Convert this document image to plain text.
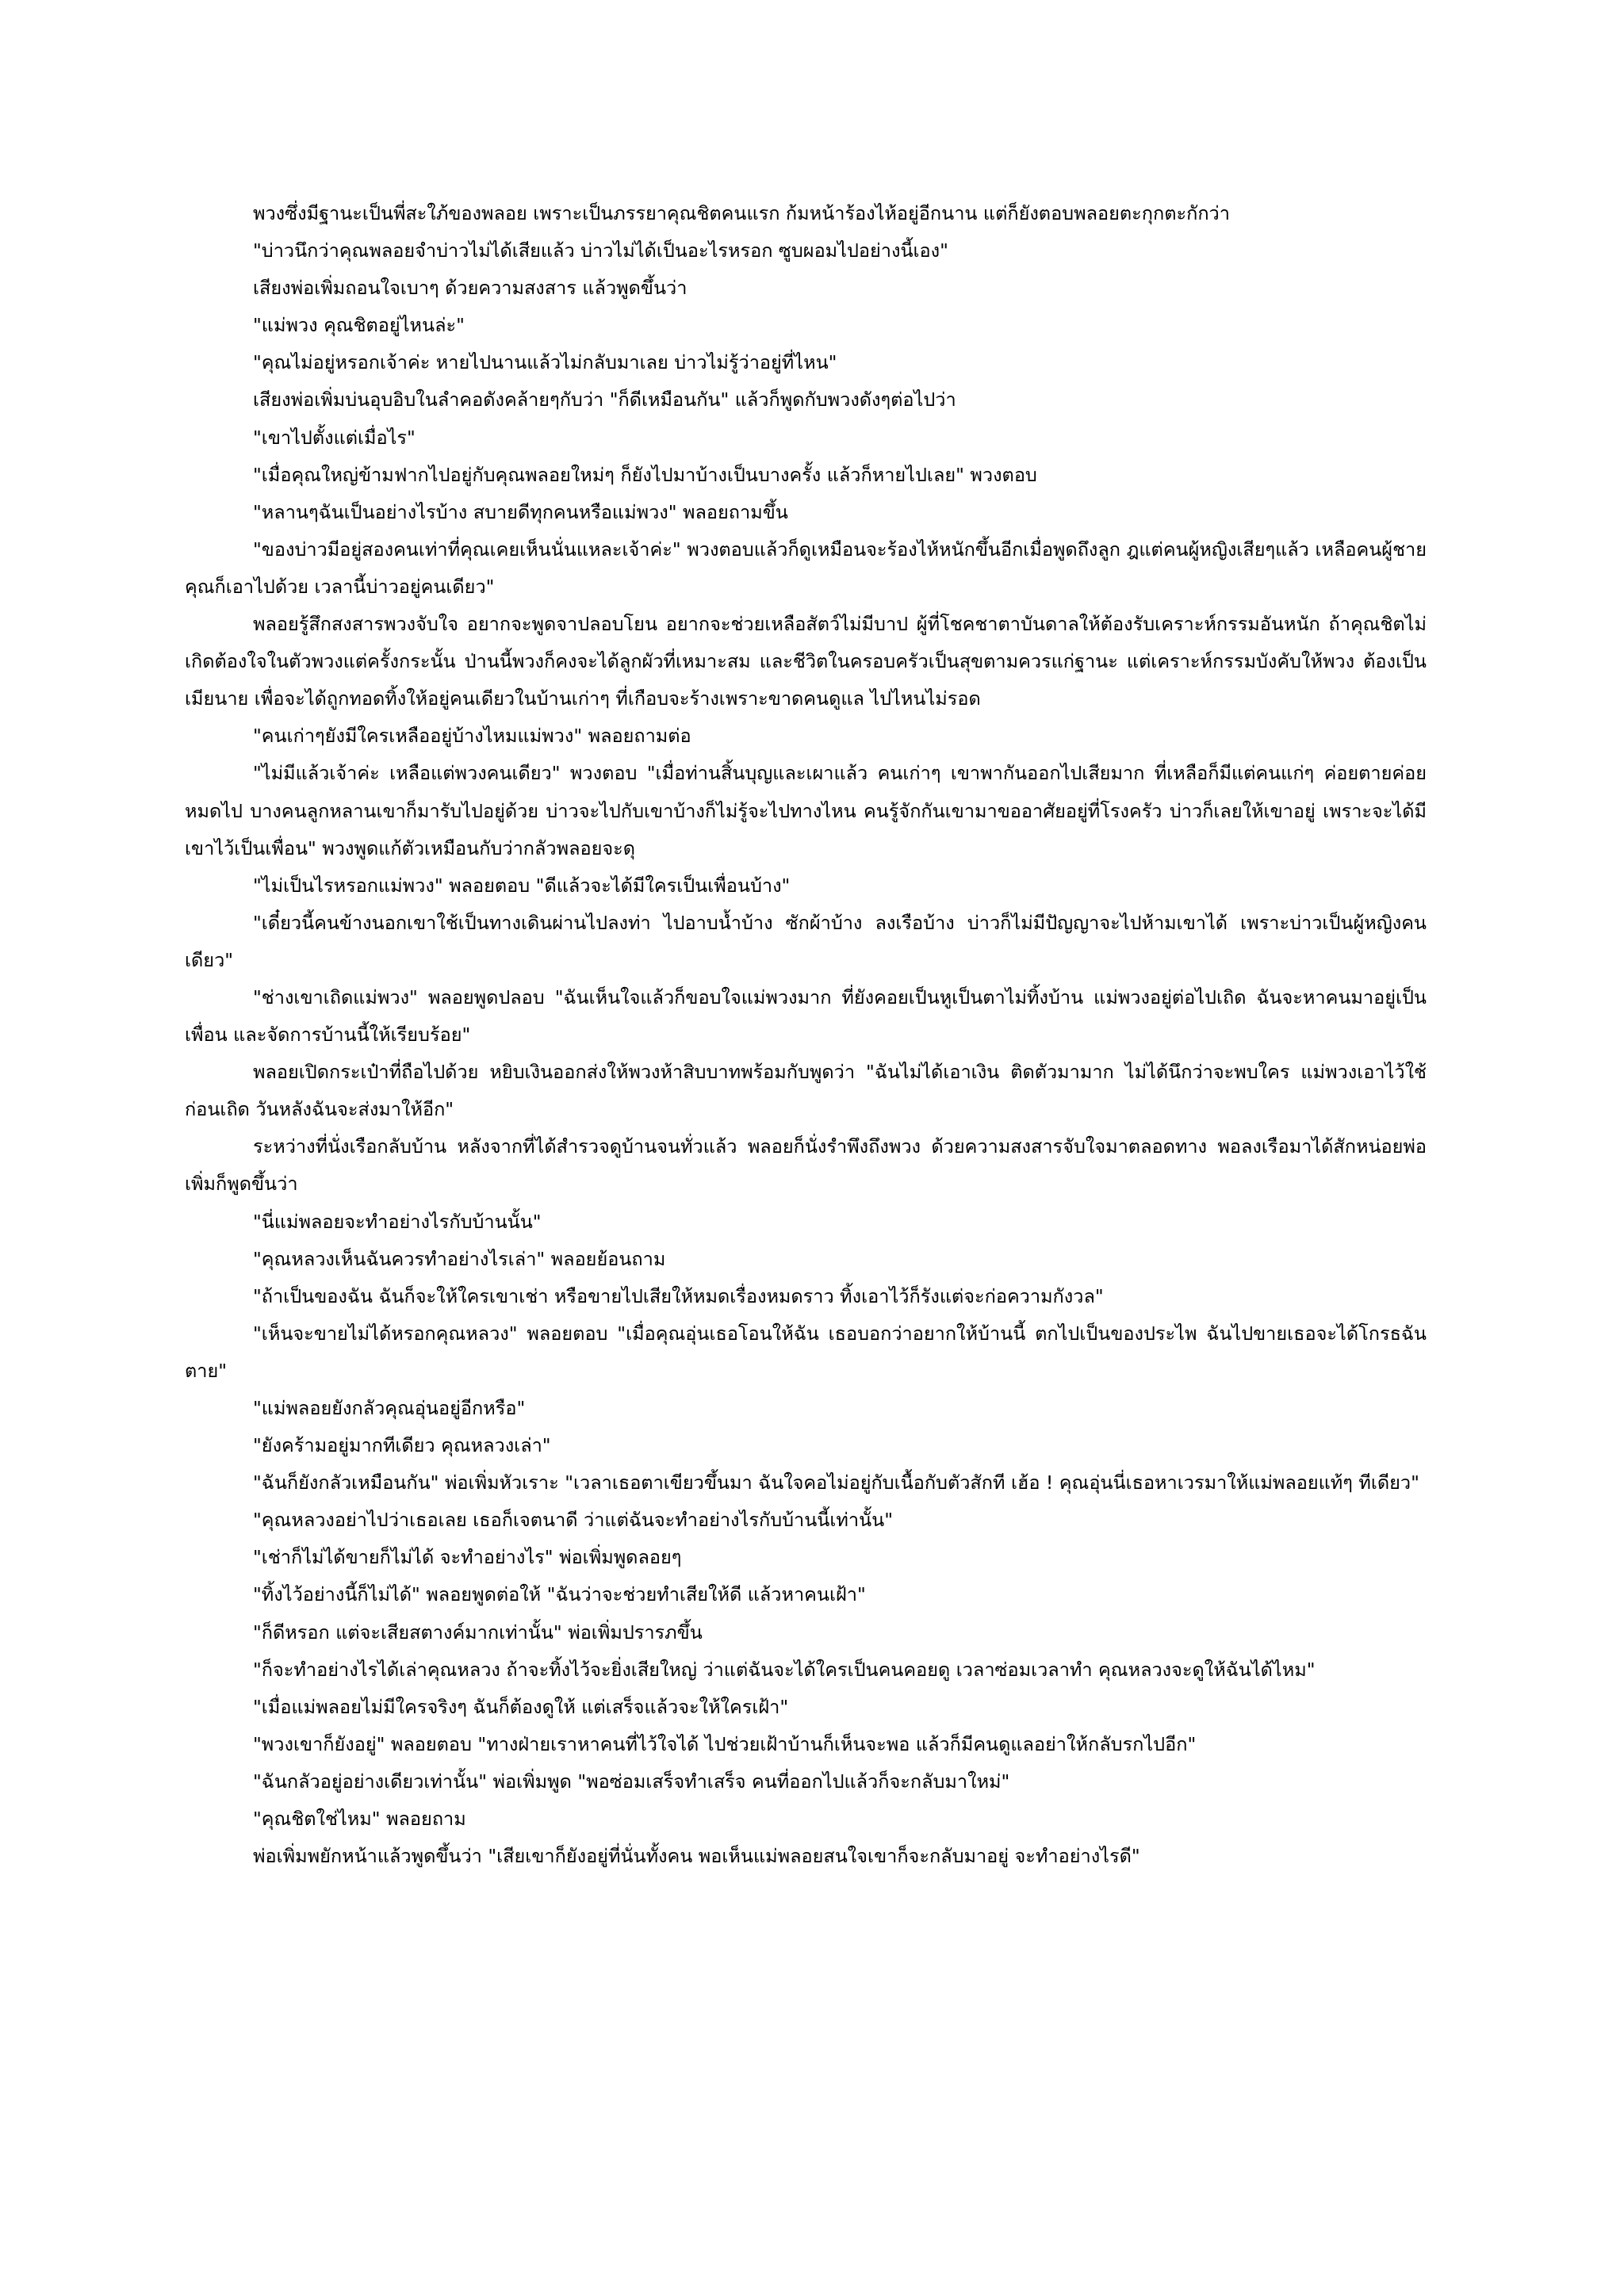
พวงซึ่งมีฐานะเป็นพี่สะใภ้ของพลอย เพราะเป็นภรรยาคุณชิตคนแรก ก้มหน้าร้องไห้อยู่อีกนาน แต่ก็ยังตอบพลอยตะกุกตะกักว่า

"บ่าวนึกว่าคุณพลอยจำบ่าวไม่ได้เสียแล้ว บ่าวไม่ได้เป็นอะไรหรอก ซูบผอมไปอย่างนี้เอง"

เสียงพ่อเพิ่มถอนใจเบาๆ ด้วยความสงสาร แล้วพูดขึ้นว่า

"แม่พวง คุณชิตอยู่ไหนล่ะ"

"คุณไม่อยู่หรอกเจ้าค่ะ หายไปนานแล้วไม่กลับมาเลย บ่าวไม่รู้ว่าอยู่ที่ไหน"

เสียงพ่อเพิ่มบ่นอุบอิบในลำคอดังคล้ายๆกับว่า "ก็ดีเหมือนกัน" แล้วก็พูดกับพวงดังๆต่อไปว่า

"เขาไปตั้งแต่เมื่อไร"

"เมื่อคุณใหญ่ข้ามฟากไปอยู่กับคุณพลอยใหม่ๆ ก็ยังไปมาบ้างเป็นบางครั้ง แล้วก็หายไปเลย" พวงตอบ

"หลานๆฉันเป็นอย่างไรบ้าง สบายดีทุกคนหรือแม่พวง" พลอยถามขึ้น

"ของบ่าวมีอยู่สองคนเท่าที่คุณเคยเห็นนั่นแหละเจ้าค่ะ" พวงตอบแล้วก็ดูเหมือนจะร้องไห้หนักขึ้นอีกเมื่อพูดถึงลูก ฎแต่คนผู้หญิงเสียๆแล้ว เหลือคนผู้ชายคุณก็เอาไปด้วย เวลานี้บ่าวอยู่คนเดียว"

พลอยรู้สึกสงสารพวงจับใจ อยากจะพูดจาปลอบโยน อยากจะช่วยเหลือสัตว์ไม่มีบาป ผู้ที่โชคชาตาบันดาลให้ต้องรับเคราะห์กรรมอันหนัก ถ้าคุณชิตไม่เกิดต้องใจในตัวพวงแต่ครั้งกระนั้น ป่านนี้พวงก็คงจะได้ลูกผัวที่เหมาะสม และชีวิตในครอบครัวเป็นสุขตามควรแก่ฐานะ แต่เคราะห์กรรมบังคับให้พวง ต้องเป็นเมียนาย เพื่อจะได้ถูกทอดทิ้งให้อยู่คนเดียวในบ้านเก่าๆ ที่เกือบจะร้างเพราะขาดคนดูแล ไปไหนไม่รอด

"คนเก่าๆยังมีใครเหลืออยู่บ้างไหมแม่พวง" พลอยถามต่อ

"ไม่มีแล้วเจ้าค่ะ เหลือแต่พวงคนเดียว" พวงตอบ "เมื่อท่านสิ้นบุญและเผาแล้ว คนเก่าๆ เขาพากันออกไปเสียมาก ที่เหลือก็มีแต่คนแก่ๆ ค่อยตายค่อยหมดไป บางคนลูกหลานเขาก็มารับไปอยู่ด้วย บ่าวจะไปกับเขาบ้างก็ไม่รู้จะไปทางไหน คนรู้จักกันเขามาขออาศัยอยู่ที่โรงครัว บ่าวก็เลยให้เขาอยู่ เพราะจะได้มีเขาไว้เป็นเพื่อน" พวงพูดแก้ตัวเหมือนกับว่ากลัวพลอยจะดุ

"ไม่เป็นไรหรอกแม่พวง" พลอยตอบ "ดีแล้วจะได้มีใครเป็นเพื่อนบ้าง"

"เดี๋ยวนี้คนข้างนอกเขาใช้เป็นทางเดินผ่านไปลงท่า ไปอาบน้ำบ้าง ซักผ้าบ้าง ลงเรือบ้าง บ่าวก็ไม่มีปัญญาจะไปห้ามเขาได้ เพราะบ่าวเป็นผู้หญิงคนเดียว"

"ช่างเขาเถิดแม่พวง" พลอยพูดปลอบ "ฉันเห็นใจแล้วก็ขอบใจแม่พวงมาก ที่ยังคอยเป็นหูเป็นตาไม่ทิ้งบ้าน แม่พวงอยู่ต่อไปเถิด ฉันจะหาคนมาอยู่เป็นเพื่อน และจัดการบ้านนี้ให้เรียบร้อย"

พลอยเปิดกระเป๋าที่ถือไปด้วย หยิบเงินออกส่งให้พวงห้าสิบบาทพร้อมกับพูดว่า "ฉันไม่ได้เอาเงิน ติดตัวมามาก ไม่ได้นึกว่าจะพบใคร แม่พวงเอาไว้ใช้ก่อนเถิด วันหลังฉันจะส่งมาให้อีก"

ระหว่างที่นั่งเรือกลับบ้าน หลังจากที่ได้สำรวจดูบ้านจนทั่วแล้ว พลอยก็นั่งรำพึงถึงพวง ด้วยความสงสารจับใจมาตลอดทาง พอลงเรือมาได้สักหน่อยพ่อเพิ่มก็พูดขึ้นว่า

"นี่แม่พลอยจะทำอย่างไรกับบ้านนั้น"

"คุณหลวงเห็นฉันควรทำอย่างไรเล่า" พลอยย้อนถาม

"ถ้าเป็นของฉัน ฉันก็จะให้ใครเขาเช่า หรือขายไปเสียให้หมดเรื่องหมดราว ทิ้งเอาไว้ก็รังแต่จะก่อความกังวล"

"เห็นจะขายไม่ได้หรอกคุณหลวง" พลอยตอบ "เมื่อคุณอุ่นเธอโอนให้ฉัน เธอบอกว่าอยากให้บ้านนี้ ตกไปเป็นของประไพ ฉันไปขายเธอจะได้โกรธฉันตาย"

"แม่พลอยยังกลัวคุณอุ่นอยู่อีกหรือ"

"ยังคร้ามอยู่มากทีเดียว คุณหลวงเล่า"

"ฉันก็ยังกลัวเหมือนกัน" พ่อเพิ่มหัวเราะ "เวลาเธอตาเขียวขึ้นมา ฉันใจคอไม่อยู่กับเนื้อกับตัวสักที เฮ้อ ! คุณอุ่นนี่เธอหาเวรมาให้แม่พลอยแท้ๆ ทีเดียว"

"คุณหลวงอย่าไปว่าเธอเลย เธอก็เจตนาดี ว่าแต่ฉันจะทำอย่างไรกับบ้านนี้เท่านั้น"

"เช่าก็ไม่ได้ขายก็ไม่ได้ จะทำอย่างไร" พ่อเพิ่มพูดลอยๆ

"ทิ้งไว้อย่างนี้ก็ไม่ได้" พลอยพูดต่อให้ "ฉันว่าจะช่วยทำเสียให้ดี แล้วหาคนเฝ้า"

"ก็ดีหรอก แต่จะเสียสตางค์มากเท่านั้น" พ่อเพิ่มปรารภขึ้น

"ก็จะทำอย่างไรได้เล่าคุณหลวง ถ้าจะทิ้งไว้จะยิ่งเสียใหญ่ ว่าแต่ฉันจะได้ใครเป็นคนคอยดู เวลาซ่อมเวลาทำ คุณหลวงจะดูให้ฉันได้ไหม"

"เมื่อแม่พลอยไม่มีใครจริงๆ ฉันก็ต้องดูให้ แต่เสร็จแล้วจะให้ใครเฝ้า"

"พวงเขาก็ยังอยู่" พลอยตอบ "ทางฝ่ายเราหาคนที่ไว้ใจได้ ไปช่วยเฝ้าบ้านก็เห็นจะพอ แล้วก็มีคนดูแลอย่าให้กลับรกไปอีก"

"ฉันกลัวอยู่อย่างเดียวเท่านั้น" พ่อเพิ่มพูด "พอซ่อมเสร็จทำเสร็จ คนที่ออกไปแล้วก็จะกลับมาใหม่"

"คุณชิตใช่ไหม" พลอยถาม

พ่อเพิ่มพยักหน้าแล้วพูดขึ้นว่า "เสียเขาก็ยังอยู่ที่นั่นทั้งคน พอเห็นแม่พลอยสนใจเขาก็จะกลับมาอยู่ จะทำอย่างไรดี"
